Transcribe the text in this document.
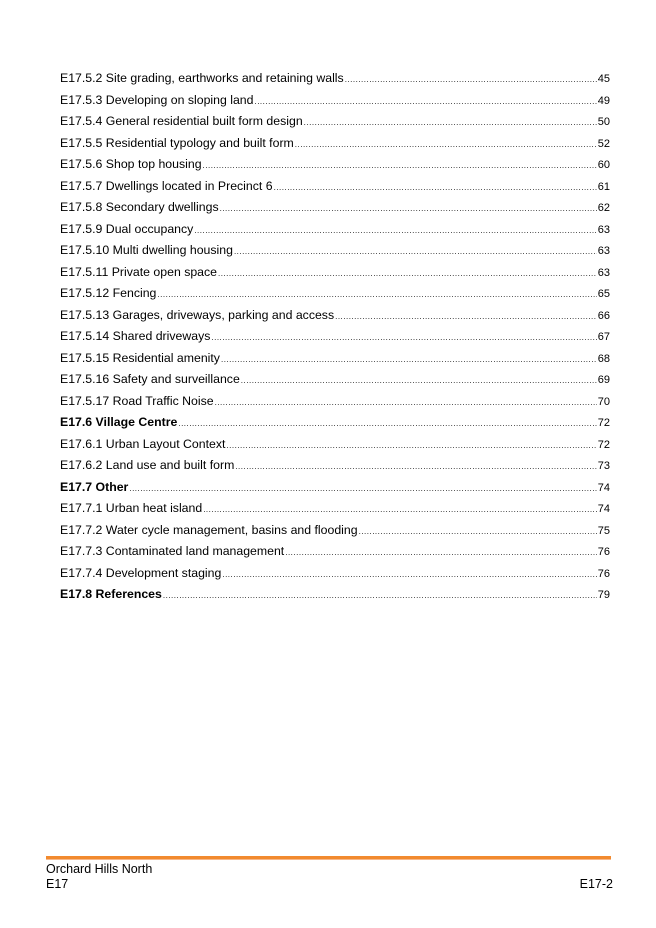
E17.5.2 Site grading, earthworks and retaining walls .....	45
E17.5.3 Developing on sloping land .....	49
E17.5.4 General residential built form design .....	50
E17.5.5 Residential typology and built form .....	52
E17.5.6 Shop top housing .....	60
E17.5.7 Dwellings located in Precinct 6 .....	61
E17.5.8 Secondary dwellings .....	62
E17.5.9 Dual occupancy .....	63
E17.5.10 Multi dwelling housing .....	63
E17.5.11 Private open space .....	63
E17.5.12 Fencing .....	65
E17.5.13 Garages, driveways, parking and access .....	66
E17.5.14 Shared driveways .....	67
E17.5.15 Residential amenity .....	68
E17.5.16 Safety and surveillance .....	69
E17.5.17 Road Traffic Noise .....	70
E17.6 Village Centre .....	72
E17.6.1 Urban Layout Context .....	72
E17.6.2 Land use and built form .....	73
E17.7 Other .....	74
E17.7.1 Urban heat island .....	74
E17.7.2 Water cycle management, basins and flooding .....	75
E17.7.3 Contaminated land management .....	76
E17.7.4 Development staging .....	76
E17.8 References .....	79
Orchard Hills North
E17	E17-2
